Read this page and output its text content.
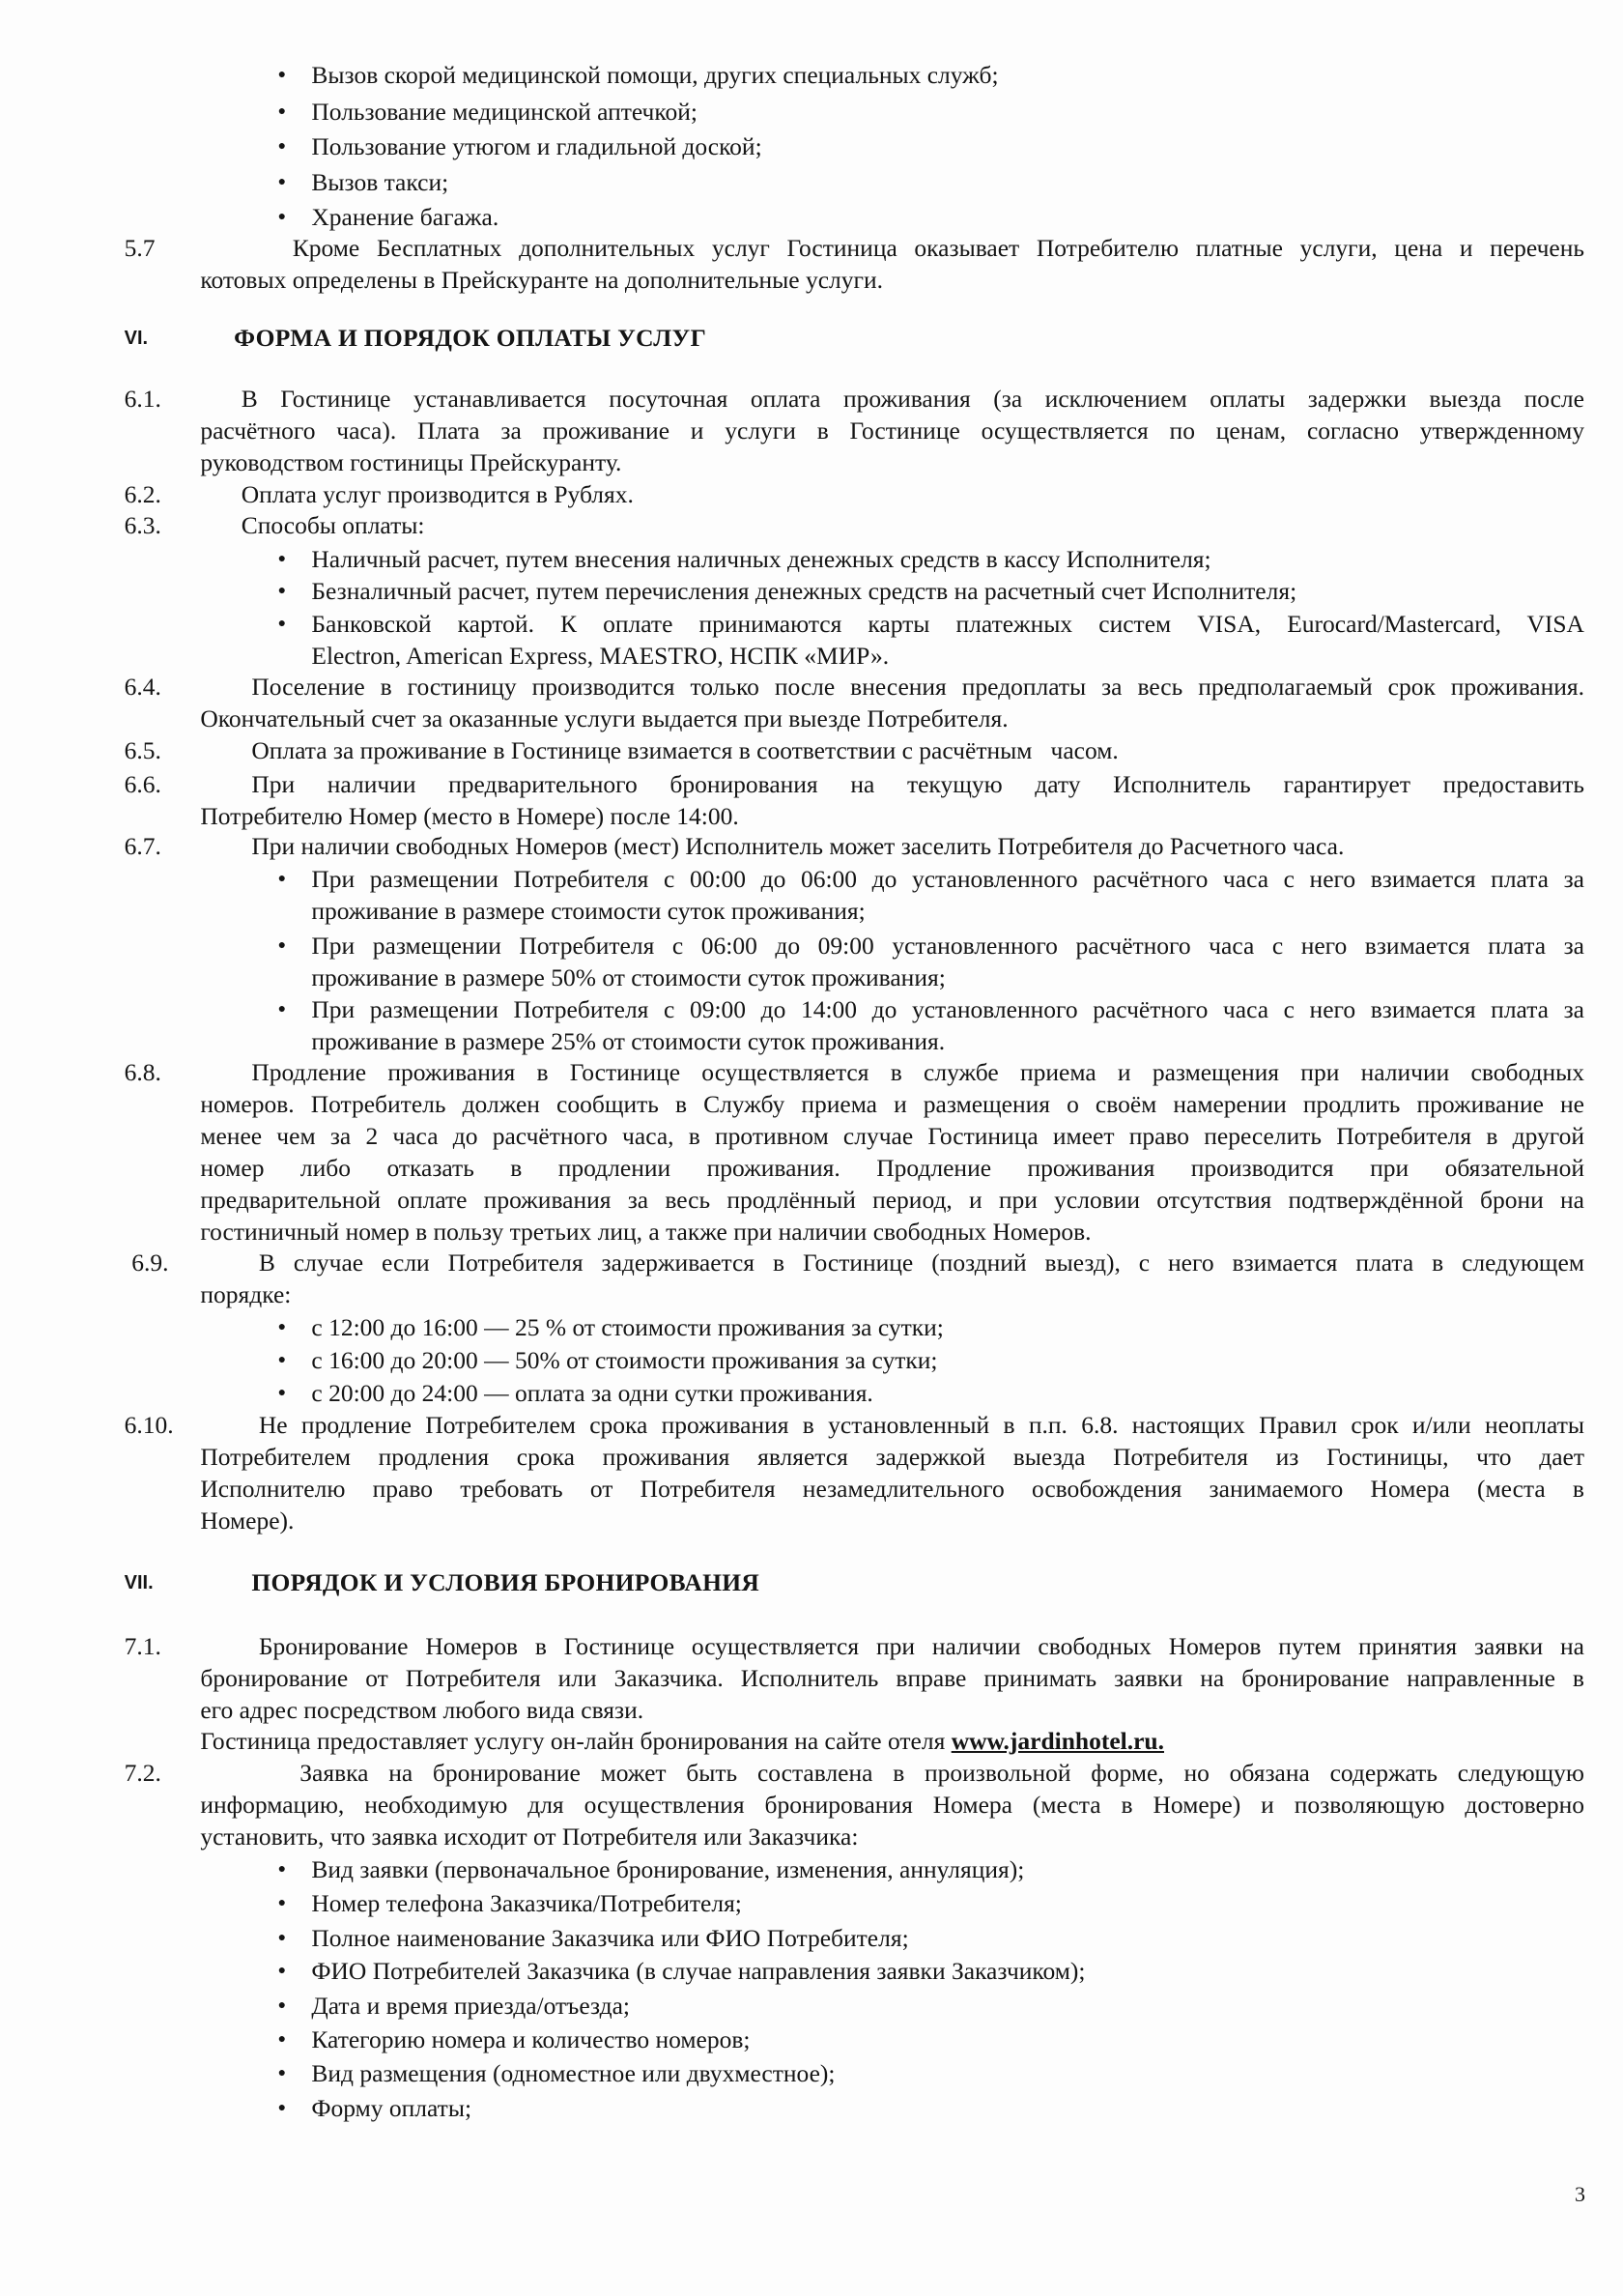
3
● Вызов скорой медицинской помощи, других специальных служб;
● Пользование медицинской аптечкой;
● Пользование утюгом и гладильной доской;
● Вызов такси;
● Хранение багажа.
5.7	Кроме Бесплатных дополнительных услуг Гостиница оказывает Потребителю платные услуги, цена и перечень
котовых определены в Прейскуранте на дополнительные услуги.
VI.	ФОРМА И ПОРЯДОК ОПЛАТЫ УСЛУГ
6.1.	В Гостинице устанавливается посуточная оплата проживания (за исключением оплаты задержки выезда после
расчётного часа). Плата за проживание и услуги в Гостинице осуществляется по ценам, согласно утвержденному
руководством гостиницы Прейскуранту.
6.2.	Оплата услуг производится в Рублях.
6.3.	Способы оплаты:
● Наличный расчет, путем внесения наличных денежных средств в кассу Исполнителя;
● Безналичный расчет, путем перечисления денежных средств на расчетный счет Исполнителя;
● Банковской картой. К оплате принимаются карты платежных систем VISA, Eurocard/Mastercard, VISA
Electron, American Express, MAESTRO, НСПК «МИР».
6.4.	Поселение в гостиницу производится только после внесения предоплаты за весь предполагаемый срок проживания.
Окончательный счет за оказанные услуги выдается при выезде Потребителя.
6.5.	Оплата за проживание в Гостинице взимается в соответствии с расчётным   часом.
6.6.	При наличии предварительного бронирования на текущую дату Исполнитель гарантирует предоставить
Потребителю Номер (место в Номере) после 14:00.
6.7.	При наличии свободных Номеров (мест) Исполнитель может заселить Потребителя до Расчетного часа.
● При размещении Потребителя с 00:00 до 06:00 до установленного расчётного часа с него взимается плата за
проживание в размере стоимости суток проживания;
● При размещении Потребителя с 06:00 до 09:00 установленного расчётного часа с него взимается плата за
проживание в размере 50% от стоимости суток проживания;
● При размещении Потребителя с 09:00 до 14:00 до установленного расчётного часа с него взимается плата за
проживание в размере 25% от стоимости суток проживания.
6.8.	Продление проживания в Гостинице осуществляется в службе приема и размещения при наличии свободных
номеров. Потребитель должен сообщить в Службу приема и размещения о своём намерении продлить проживание не
менее чем за 2 часа до расчётного часа, в противном случае Гостиница имеет право переселить Потребителя в другой
номер либо отказать в продлении проживания. Продление проживания производится при обязательной
предварительной оплате проживания за весь продлённый период, и при условии отсутствия подтверждённой брони на
гостиничный номер в пользу третьих лиц, а также при наличии свободных Номеров.
6.9.	В случае если Потребителя задерживается в Гостинице (поздний выезд), с него взимается плата в следующем
порядке:
● с 12:00 до 16:00 — 25 % от стоимости проживания за сутки;
● с 16:00 до 20:00 — 50% от стоимости проживания за сутки;
● с 20:00 до 24:00 — оплата за одни сутки проживания.
6.10.	Не продление Потребителем срока проживания в установленный в п.п. 6.8. настоящих Правил срок и/или неоплаты
Потребителем продления срока проживания является задержкой выезда Потребителя из Гостиницы, что дает
Исполнителю право требовать от Потребителя незамедлительного освобождения занимаемого Номера (места в
Номере).
VII.	ПОРЯДОК И УСЛОВИЯ БРОНИРОВАНИЯ
7.1.	Бронирование Номеров в Гостинице осуществляется при наличии свободных Номеров путем принятия заявки на
бронирование от Потребителя или Заказчика. Исполнитель вправе принимать заявки на бронирование направленные в
его адрес посредством любого вида связи.
Гостиница предоставляет услугу он-лайн бронирования на сайте отеля www.jardinhotel.ru.
7.2.	Заявка на бронирование может быть составлена в произвольной форме, но обязана содержать следующую
информацию, необходимую для осуществления бронирования Номера (места в Номере) и позволяющую достоверно
установить, что заявка исходит от Потребителя или Заказчика:
● Вид заявки (первоначальное бронирование, изменения, аннуляция);
● Номер телефона Заказчика/Потребителя;
● Полное наименование Заказчика или ФИО Потребителя;
● ФИО Потребителей Заказчика (в случае направления заявки Заказчиком);
● Дата и время приезда/отъезда;
● Категорию номера и количество номеров;
● Вид размещения (одноместное или двухместное);
● Форму оплаты;
